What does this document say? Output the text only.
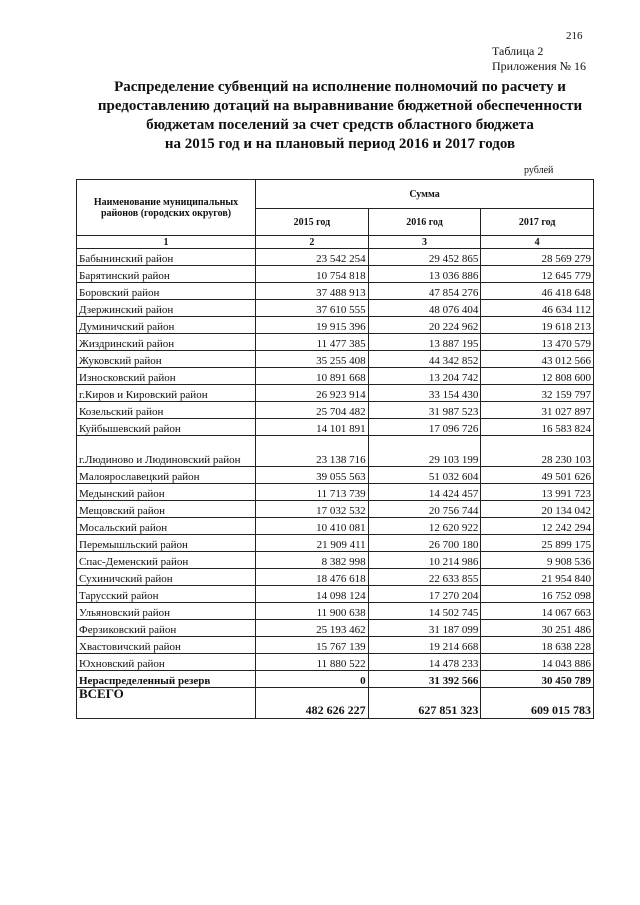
216
Таблица 2
Приложения № 16
Распределение субвенций на исполнение полномочий по расчету и
предоставлению дотаций на выравнивание бюджетной обеспеченности
бюджетам поселений за счет средств областного бюджета
на 2015 год и на плановый период 2016 и 2017 годов
рублей
Наименование муниципальных районов (городских округов)	Сумма		
	2015 год	2016 год	2017 год
1	2	3	4
Бабынинский район	23 542 254	29 452 865	28 569 279
Барятинский район	10 754 818	13 036 886	12 645 779
Боровский район	37 488 913	47 854 276	46 418 648
Дзержинский район	37 610 555	48 076 404	46 634 112
Думиничский район	19 915 396	20 224 962	19 618 213
Жиздринский район	11 477 385	13 887 195	13 470 579
Жуковский район	35 255 408	44 342 852	43 012 566
Износковский район	10 891 668	13 204 742	12 808 600
г.Киров и Кировский район	26 923 914	33 154 430	32 159 797
Козельский район	25 704 482	31 987 523	31 027 897
Куйбышевский район	14 101 891	17 096 726	16 583 824
г.Людиново и Людиновский район	23 138 716	29 103 199	28 230 103
Малоярославецкий район	39 055 563	51 032 604	49 501 626
Медынский район	11 713 739	14 424 457	13 991 723
Мещовский район	17 032 532	20 756 744	20 134 042
Мосальский район	10 410 081	12 620 922	12 242 294
Перемышльский район	21 909 411	26 700 180	25 899 175
Спас-Деменский район	8 382 998	10 214 986	9 908 536
Сухиничский район	18 476 618	22 633 855	21 954 840
Тарусский район	14 098 124	17 270 204	16 752 098
Ульяновский район	11 900 638	14 502 745	14 067 663
Ферзиковский район	25 193 462	31 187 099	30 251 486
Хвастовичский район	15 767 139	19 214 668	18 638 228
Юхновский район	11 880 522	14 478 233	14 043 886
Нераспределенный резерв	0	31 392 566	30 450 789
ВСЕГО	482 626 227	627 851 323	609 015 783
